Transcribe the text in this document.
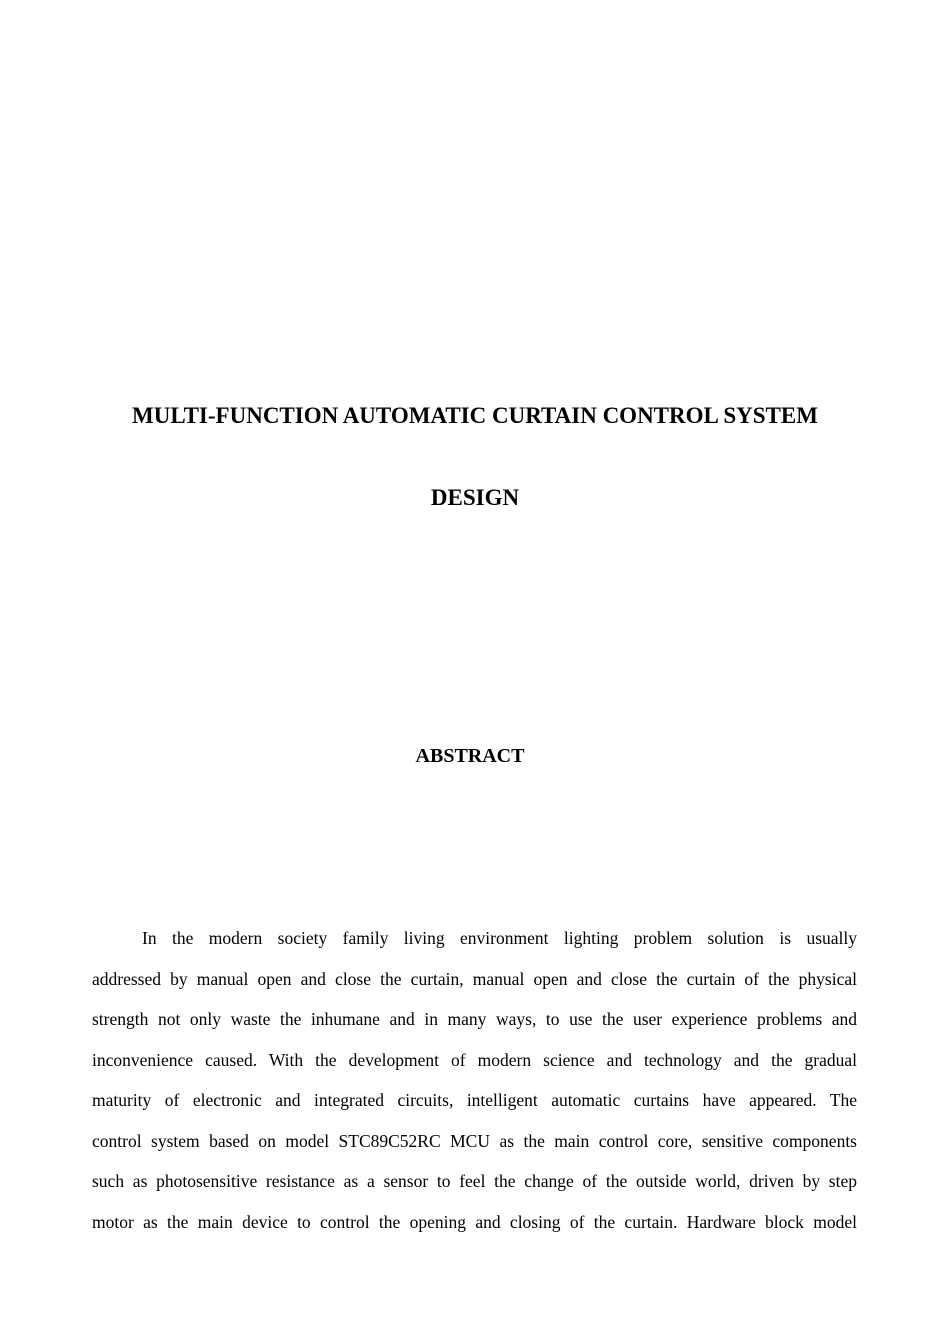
MULTI-FUNCTION AUTOMATIC CURTAIN CONTROL SYSTEM
DESIGN
ABSTRACT
In the modern society family living environment lighting problem solution is usually
addressed by manual open and close the curtain, manual open and close the curtain of the physical
strength not only waste the inhumane and in many ways, to use the user experience problems and
inconvenience caused. With the development of modern science and technology and the gradual
maturity of electronic and integrated circuits, intelligent automatic curtains have appeared. The
control system based on model STC89C52RC MCU as the main control core, sensitive components
such as photosensitive resistance as a sensor to feel the change of the outside world, driven by step
motor as the main device to control the opening and closing of the curtain. Hardware block model
